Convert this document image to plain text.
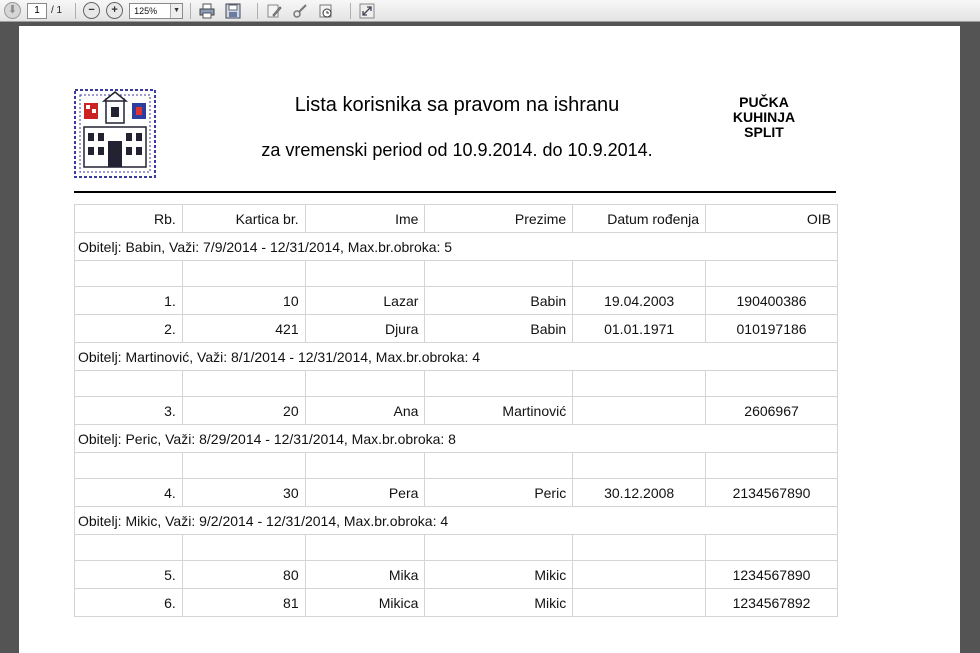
⬇	1	/ 1	−	+	125%	▼
Lista korisnika sa pravom na ishranu
za vremenski period od 10.9.2014. do 10.9.2014.
PUČKA
KUHINJA
SPLIT
Rb.	Kartica br.	Ime	Prezime	Datum rođenja	OIB
Obitelj: Babin, Važi: 7/9/2014 - 12/31/2014, Max.br.obroka: 5					

1.	10	Lazar	Babin	19.04.2003	190400386
2.	421	Djura	Babin	01.01.1971	010197186
Obitelj: Martinović, Važi: 8/1/2014 - 12/31/2014, Max.br.obroka: 4					

3.	20	Ana	Martinović		2606967
Obitelj: Peric, Važi: 8/29/2014 - 12/31/2014, Max.br.obroka: 8					

4.	30	Pera	Peric	30.12.2008	2134567890
Obitelj: Mikic, Važi: 9/2/2014 - 12/31/2014, Max.br.obroka: 4					

5.	80	Mika	Mikic		1234567890
6.	81	Mikica	Mikic		1234567892
